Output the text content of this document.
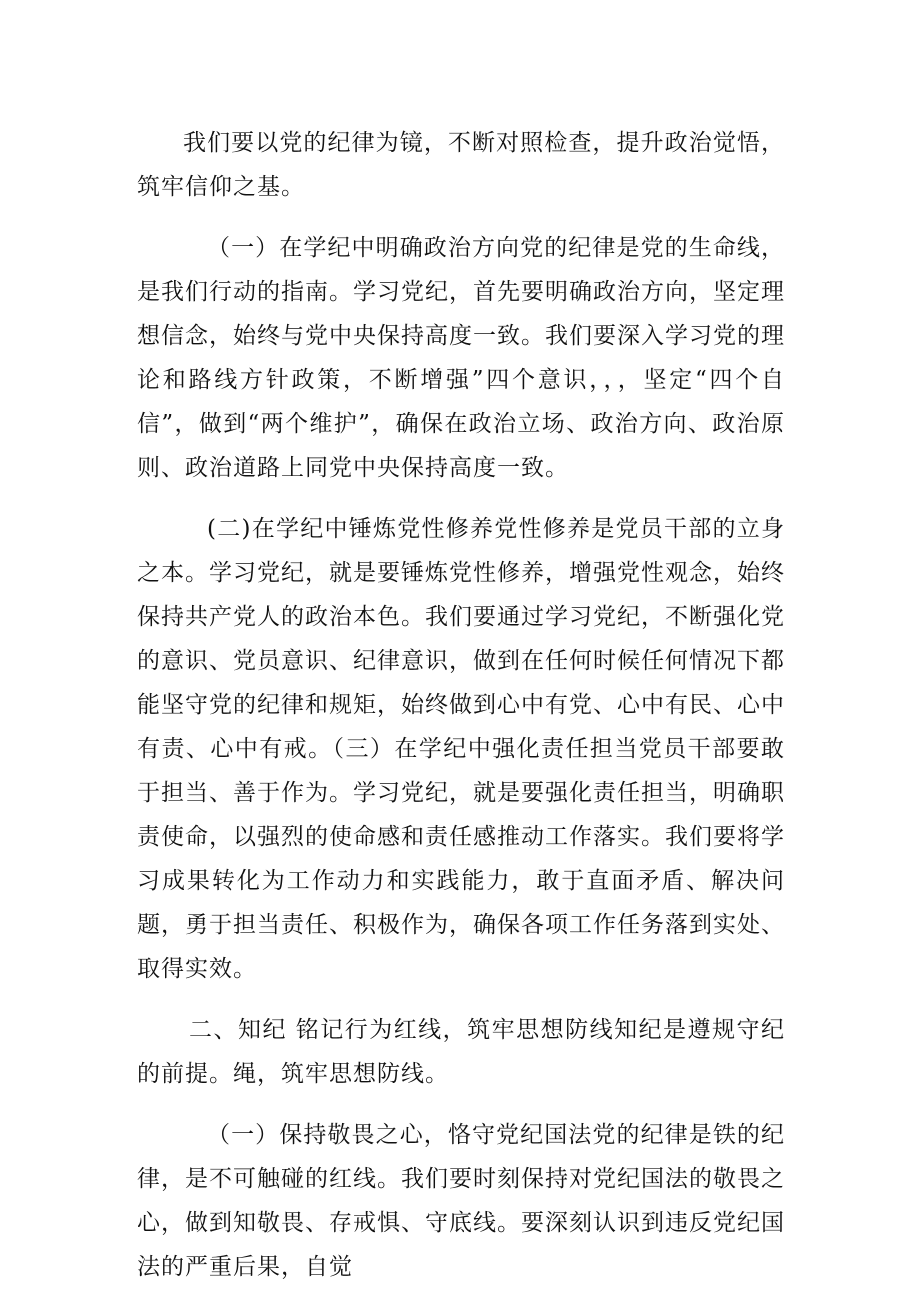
我们要以党的纪律为镜，不断对照检查，提升政治觉悟，筑牢信仰之基。

（一）在学纪中明确政治方向党的纪律是党的生命线，是我们行动的指南。学习党纪，首先要明确政治方向，坚定理想信念，始终与党中央保持高度一致。我们要深入学习党的理论和路线方针政策，不断增强”四个意识，，，坚定“四个自信”，做到“两个维护”，确保在政治立场、政治方向、政治原则、政治道路上同党中央保持高度一致。

(二)在学纪中锤炼党性修养党性修养是党员干部的立身之本。学习党纪，就是要锤炼党性修养，增强党性观念，始终保持共产党人的政治本色。我们要通过学习党纪，不断强化党的意识、党员意识、纪律意识，做到在任何时候任何情况下都能坚守党的纪律和规矩，始终做到心中有党、心中有民、心中有责、心中有戒。（三）在学纪中强化责任担当党员干部要敢于担当、善于作为。学习党纪，就是要强化责任担当，明确职责使命，以强烈的使命感和责任感推动工作落实。我们要将学习成果转化为工作动力和实践能力，敢于直面矛盾、解决问题，勇于担当责任、积极作为，确保各项工作任务落到实处、取得实效。

二、知纪 铭记行为红线，筑牢思想防线知纪是遵规守纪的前提。绳，筑牢思想防线。

（一）保持敬畏之心，恪守党纪国法党的纪律是铁的纪律，是不可触碰的红线。我们要时刻保持对党纪国法的敬畏之心，做到知敬畏、存戒惧、守底线。要深刻认识到违反党纪国法的严重后果，自觉
